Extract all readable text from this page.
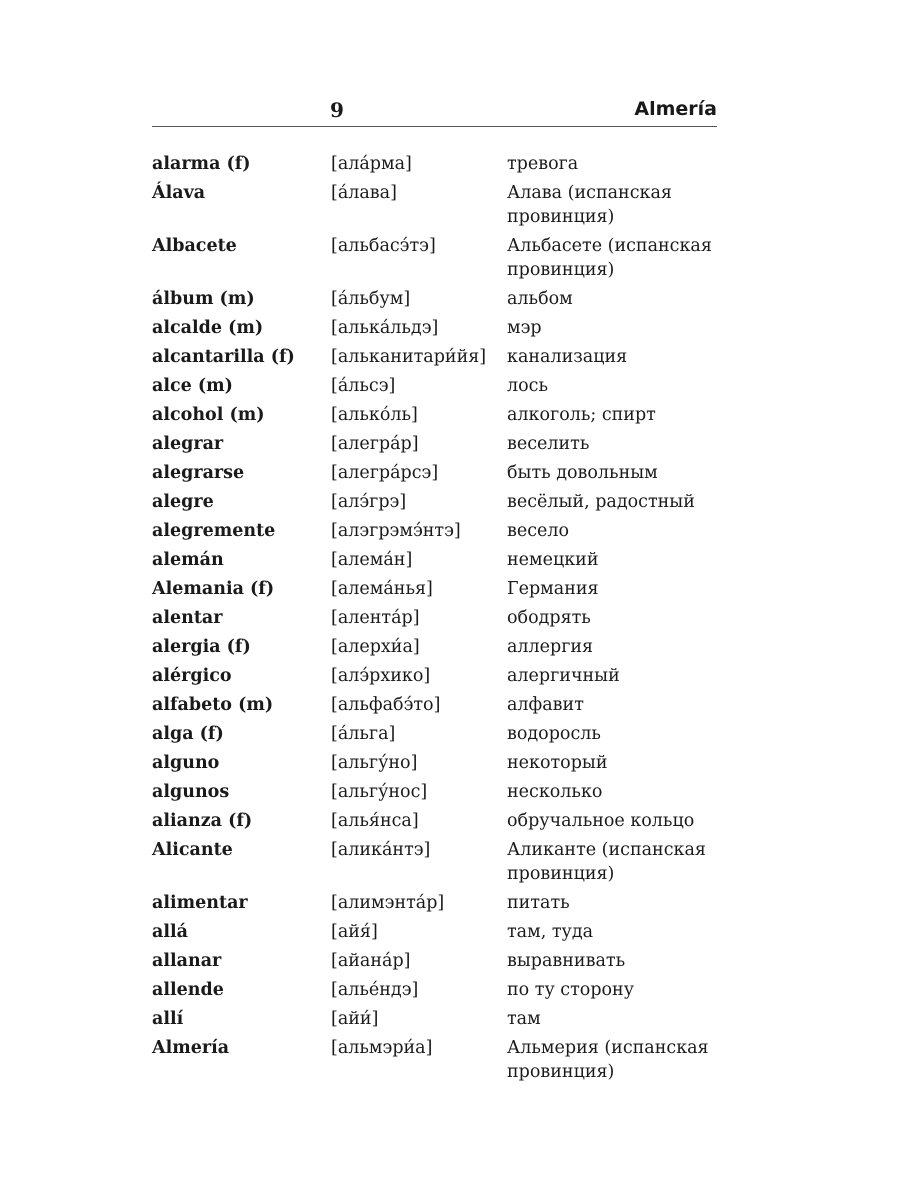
9	Almería
alarma (f)	[ала́рма]	тревога
Álava	[а́лава]	Алава (испанская провинция)
Albacete	[альбасэ́тэ]	Альбасете (испанская провинция)
álbum (m)	[а́льбум]	альбом
alcalde (m)	[алька́льдэ]	мэр
alcantarilla (f)	[альканитари́йя]	канализация
alce (m)	[а́льсэ]	лось
alcohol (m)	[алько́ль]	алкоголь; спирт
alegrar	[алегра́р]	веселить
alegrarse	[алегра́рсэ]	быть довольным
alegre	[алэ́грэ]	весёлый, радостный
alegremente	[алэгрэмэ́нтэ]	весело
alemán	[алема́н]	немецкий
Alemania (f)	[алема́нья]	Германия
alentar	[алента́р]	ободрять
alergia (f)	[алерхи́а]	аллергия
alérgico	[алэ́рхико]	алергичный
alfabeto (m)	[альфабэ́то]	алфавит
alga (f)	[а́льга]	водоросль
alguno	[альгу́но]	некоторый
algunos	[альгу́нос]	несколько
alianza (f)	[алья́нса]	обручальное кольцо
Alicante	[алика́нтэ]	Аликанте (испанская провинция)
alimentar	[алимэнта́р]	питать
allá	[айя́]	там, туда
allanar	[айана́р]	выравнивать
allende	[алье́ндэ]	по ту сторону
allí	[айи́]	там
Almería	[альмэри́а]	Альмерия (испанская провинция)
